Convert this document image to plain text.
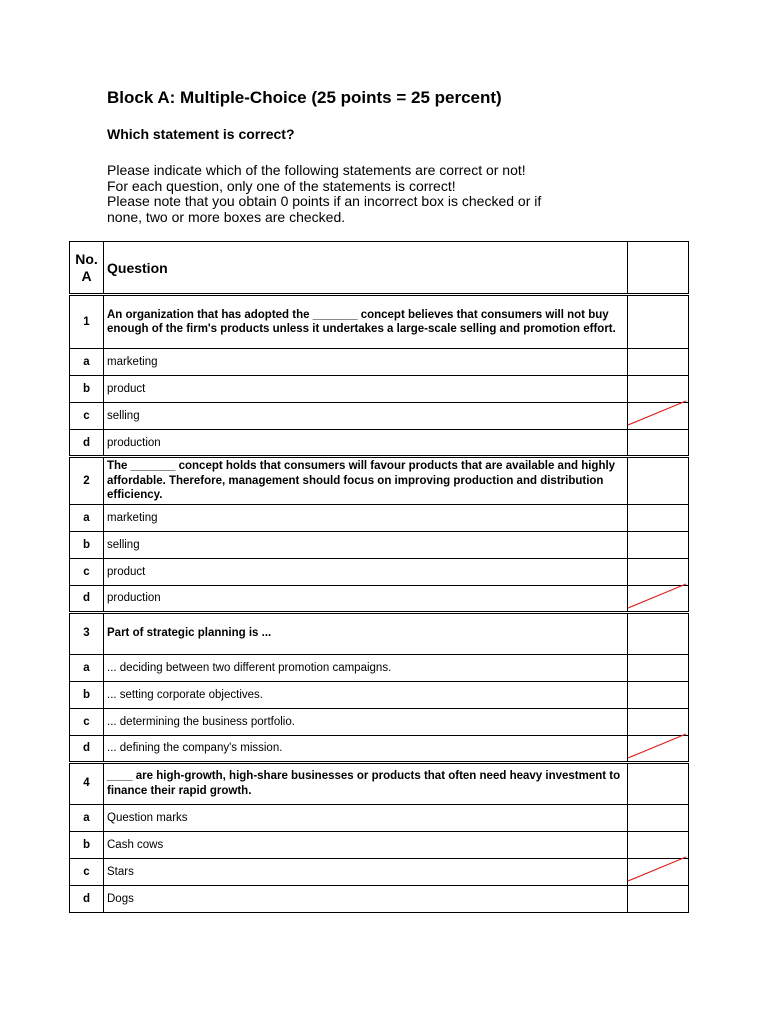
Block A: Multiple-Choice (25 points = 25 percent)
Which statement is correct?
Please indicate which of the following statements are correct or not!
For each question, only one of the statements is correct!
Please note that you obtain 0 points if an incorrect box is checked or if
none, two or more boxes are checked.
No. A	Question	
1	An organization that has adopted the _______ concept believes that consumers will not buy enough of the firm's products unless it undertakes a large-scale selling and promotion effort.	
a	marketing	
b	product	
c	selling	

d	production	
2	The _______ concept holds that consumers will favour products that are available and highly affordable. Therefore, management should focus on improving production and distribution efficiency.	
a	marketing	
b	selling	
c	product	
d	production	

3	Part of strategic planning is ...	
a	... deciding between two different promotion campaigns.	
b	... setting corporate objectives.	
c	... determining the business portfolio.	
d	... defining the company's mission.	

4	____ are high-growth, high-share businesses or products that often need heavy investment to finance their rapid growth.	
a	Question marks	
b	Cash cows	
c	Stars	

d	Dogs	
